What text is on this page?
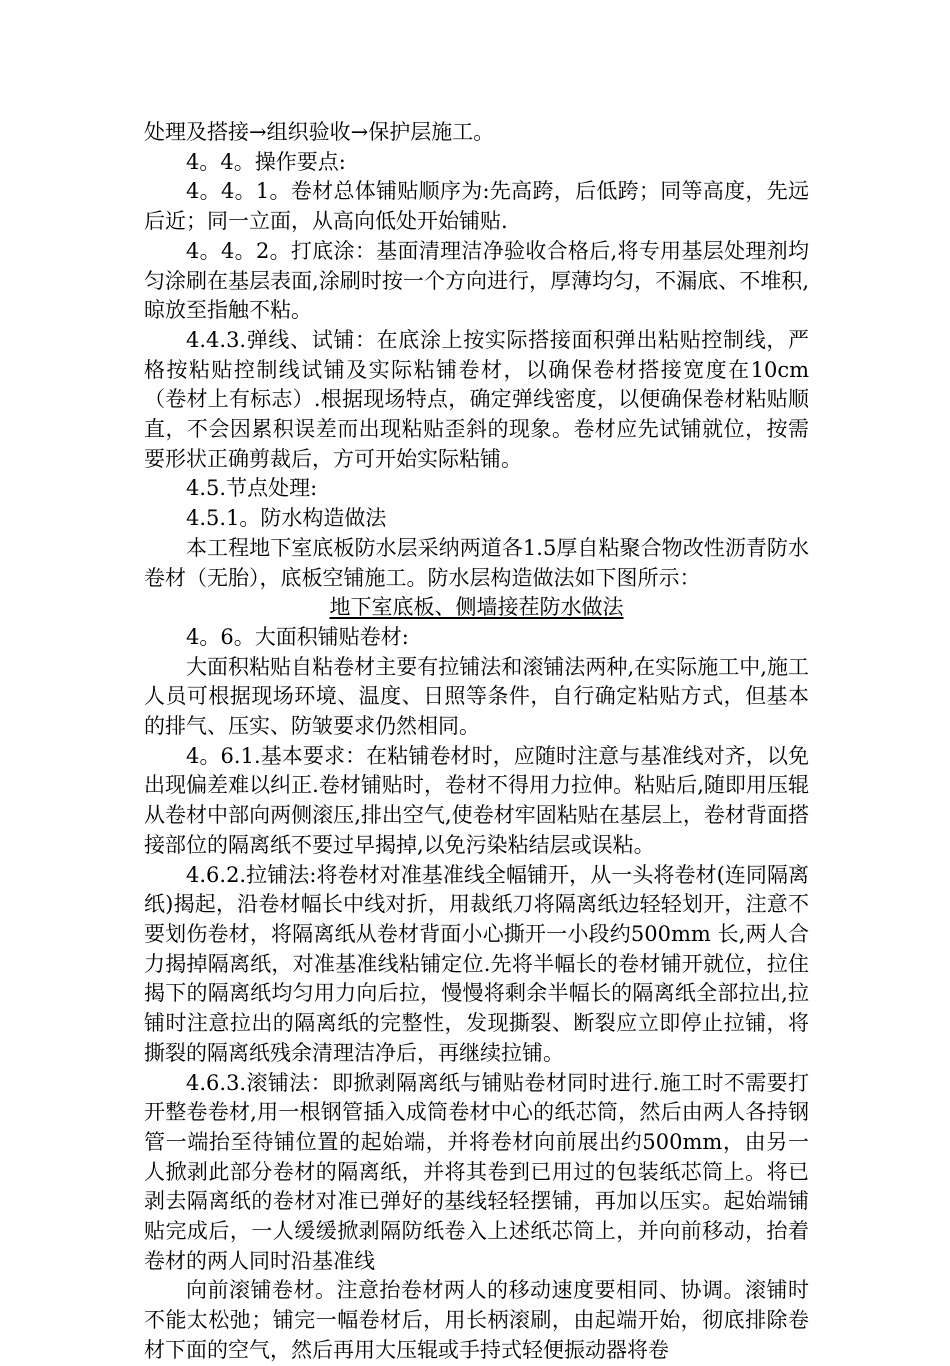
处理及搭接→组织验收→保护层施工。

4。4。操作要点:

4。4。1。卷材总体铺贴顺序为:先高跨，后低跨；同等高度，先远后近；同一立面，从高向低处开始铺贴.

4。4。2。打底涂：基面清理洁净验收合格后,将专用基层处理剂均匀涂刷在基层表面,涂刷时按一个方向进行，厚薄均匀，不漏底、不堆积,晾放至指触不粘。

4.4.3.弹线、试铺：在底涂上按实际搭接面积弹出粘贴控制线，严格按粘贴控制线试铺及实际粘铺卷材，以确保卷材搭接宽度在10cm（卷材上有标志）.根据现场特点，确定弹线密度，以便确保卷材粘贴顺直，不会因累积误差而出现粘贴歪斜的现象。卷材应先试铺就位，按需要形状正确剪裁后，方可开始实际粘铺。

4.5.节点处理:

4.5.1。防水构造做法

本工程地下室底板防水层采纳两道各1.5厚自粘聚合物改性沥青防水卷材（无胎），底板空铺施工。防水层构造做法如下图所示：

地下室底板、侧墙接茬防水做法

4。6。大面积铺贴卷材:

大面积粘贴自粘卷材主要有拉铺法和滚铺法两种,在实际施工中,施工人员可根据现场环境、温度、日照等条件，自行确定粘贴方式，但基本的排气、压实、防皱要求仍然相同。

4。6.1.基本要求：在粘铺卷材时，应随时注意与基准线对齐，以免出现偏差难以纠正.卷材铺贴时，卷材不得用力拉伸。粘贴后,随即用压辊从卷材中部向两侧滚压,排出空气,使卷材牢固粘贴在基层上，卷材背面搭接部位的隔离纸不要过早揭掉,以免污染粘结层或误粘。

4.6.2.拉铺法:将卷材对准基准线全幅铺开，从一头将卷材(连同隔离纸)揭起，沿卷材幅长中线对折，用裁纸刀将隔离纸边轻轻划开，注意不要划伤卷材，将隔离纸从卷材背面小心撕开一小段约500mm 长,两人合力揭掉隔离纸，对准基准线粘铺定位.先将半幅长的卷材铺开就位，拉住揭下的隔离纸均匀用力向后拉，慢慢将剩余半幅长的隔离纸全部拉出,拉铺时注意拉出的隔离纸的完整性，发现撕裂、断裂应立即停止拉铺，将撕裂的隔离纸残余清理洁净后，再继续拉铺。

4.6.3.滚铺法：即掀剥隔离纸与铺贴卷材同时进行.施工时不需要打开整卷卷材,用一根钢管插入成筒卷材中心的纸芯筒，然后由两人各持钢管一端抬至待铺位置的起始端，并将卷材向前展出约500mm，由另一人掀剥此部分卷材的隔离纸，并将其卷到已用过的包装纸芯筒上。将已剥去隔离纸的卷材对准已弹好的基线轻轻摆铺，再加以压实。起始端铺贴完成后，一人缓缓掀剥隔防纸卷入上述纸芯筒上，并向前移动，抬着卷材的两人同时沿基准线

向前滚铺卷材。注意抬卷材两人的移动速度要相同、协调。滚铺时不能太松弛；铺完一幅卷材后，用长柄滚刷，由起端开始，彻底排除卷材下面的空气，然后再用大压辊或手持式轻便振动器将卷
